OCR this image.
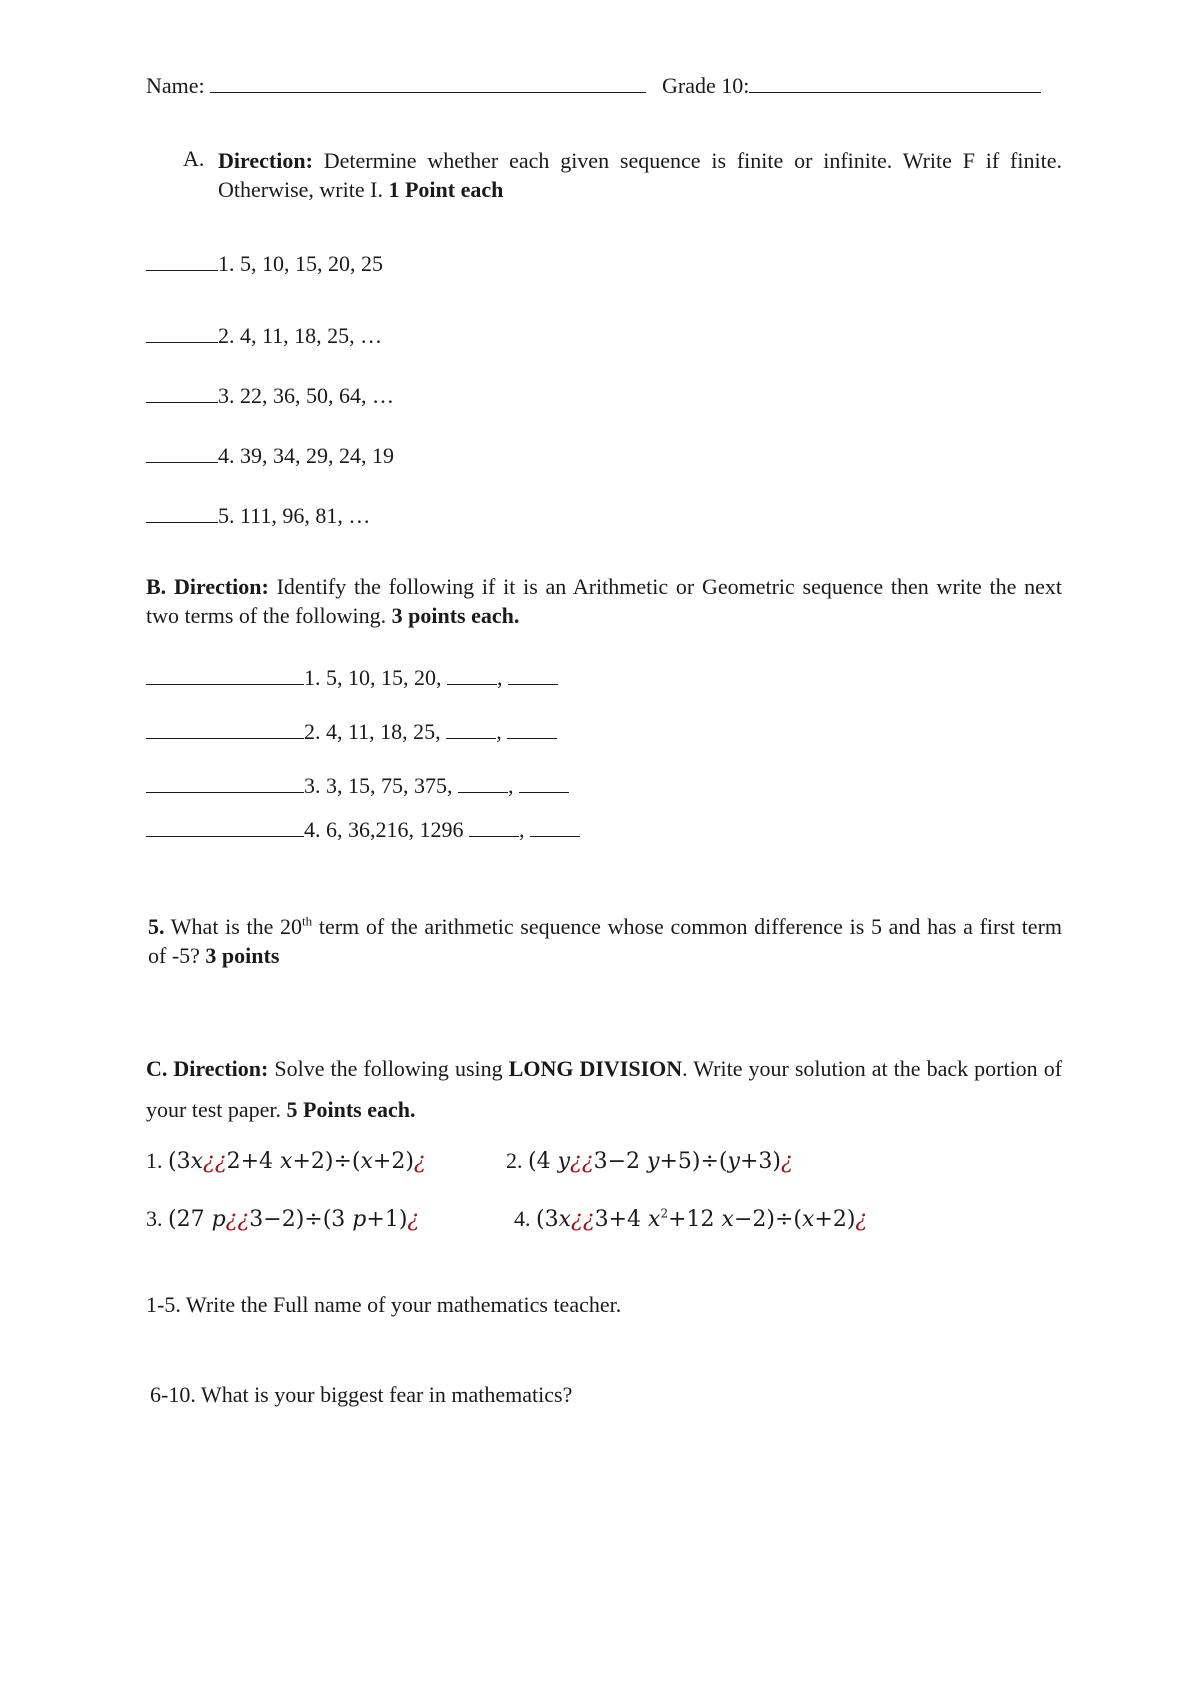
Name:	Grade 10:
A. Direction: Determine whether each given sequence is finite or infinite. Write F if finite. Otherwise, write I. 1 Point each
1. 5, 10, 15, 20, 25
2. 4, 11, 18, 25, …
3. 22, 36, 50, 64, …
4. 39, 34, 29, 24, 19
5. 111, 96, 81, …
B. Direction: Identify the following if it is an Arithmetic or Geometric sequence then write the next two terms of the following. 3 points each.
1. 5, 10, 15, 20, ,
2. 4, 11, 18, 25, ,
3. 3, 15, 75, 375, ,
4. 6, 36,216, 1296 ,
5. What is the 20th term of the arithmetic sequence whose common difference is 5 and has a first term of -5? 3 points
C. Direction: Solve the following using LONG DIVISION. Write your solution at the back portion of your test paper. 5 Points each.
1. (3x¿¿2+4 x+2)÷(x+2)¿	2. (4 y¿¿3−2 y+5)÷(y+3)¿
3. (27 p¿¿3−2)÷(3 p+1)¿	4. (3x¿¿3+4 $x^2+12$ x−2)÷(x+2)¿
1-5. Write the Full name of your mathematics teacher.
6-10. What is your biggest fear in mathematics?
